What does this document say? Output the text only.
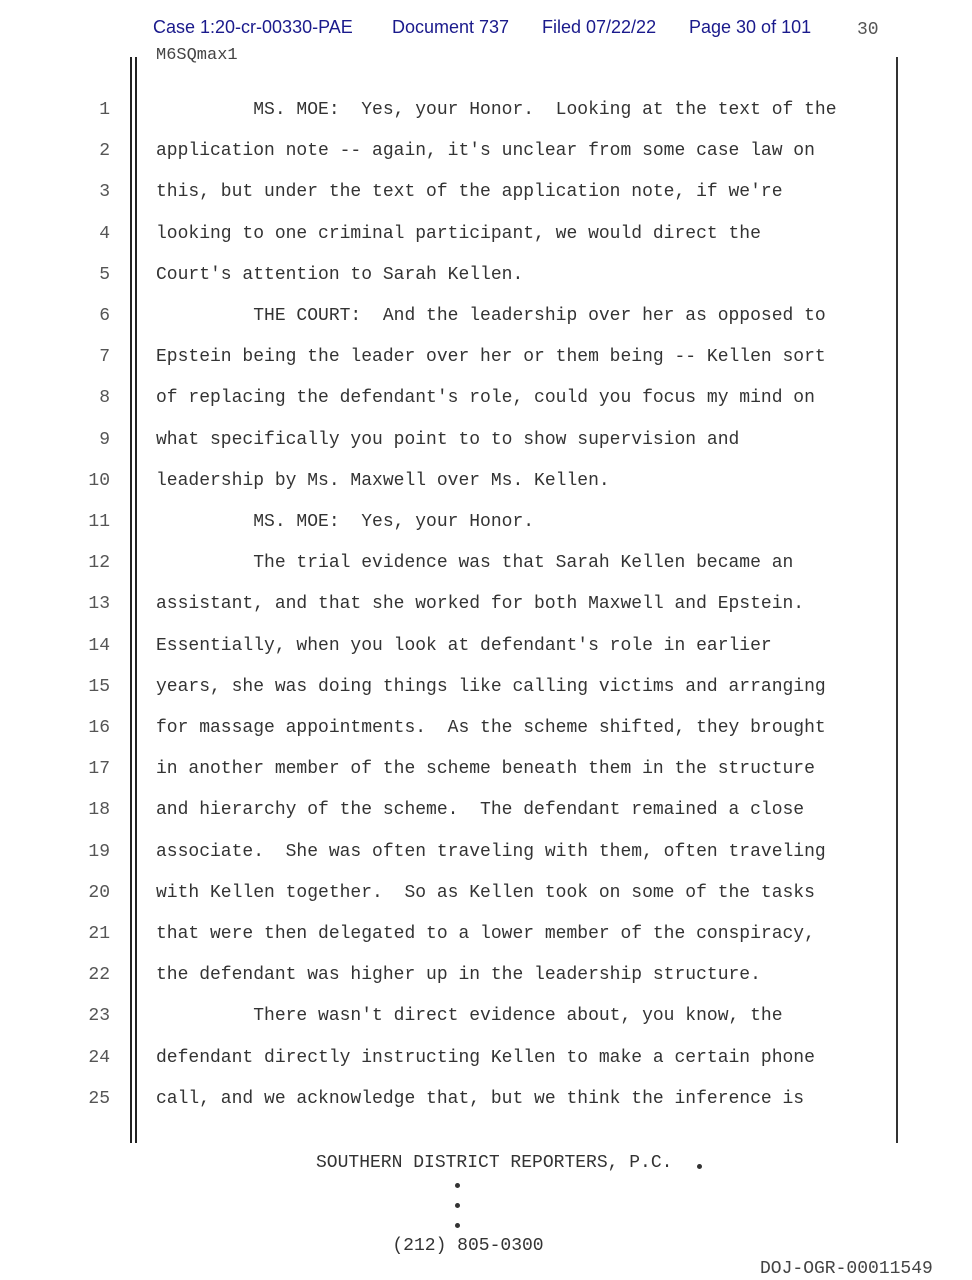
Case 1:20-cr-00330-PAE Document 737 Filed 07/22/22 Page 30 of 101	30
M6SQmax1
1	MS. MOE:  Yes, your Honor.  Looking at the text of the
2	application note -- again, it's unclear from some case law on
3	this, but under the text of the application note, if we're
4	looking to one criminal participant, we would direct the
5	Court's attention to Sarah Kellen.
6	THE COURT:  And the leadership over her as opposed to
7	Epstein being the leader over her or them being -- Kellen sort
8	of replacing the defendant's role, could you focus my mind on
9	what specifically you point to to show supervision and
10	leadership by Ms. Maxwell over Ms. Kellen.
11	MS. MOE:  Yes, your Honor.
12	The trial evidence was that Sarah Kellen became an
13	assistant, and that she worked for both Maxwell and Epstein.
14	Essentially, when you look at defendant's role in earlier
15	years, she was doing things like calling victims and arranging
16	for massage appointments.  As the scheme shifted, they brought
17	in another member of the scheme beneath them in the structure
18	and hierarchy of the scheme.  The defendant remained a close
19	associate.  She was often traveling with them, often traveling
20	with Kellen together.  So as Kellen took on some of the tasks
21	that were then delegated to a lower member of the conspiracy,
22	the defendant was higher up in the leadership structure.
23	There wasn't direct evidence about, you know, the
24	defendant directly instructing Kellen to make a certain phone
25	call, and we acknowledge that, but we think the inference is
SOUTHERN DISTRICT REPORTERS, P.C.
(212) 805-0300
DOJ-OGR-00011549
